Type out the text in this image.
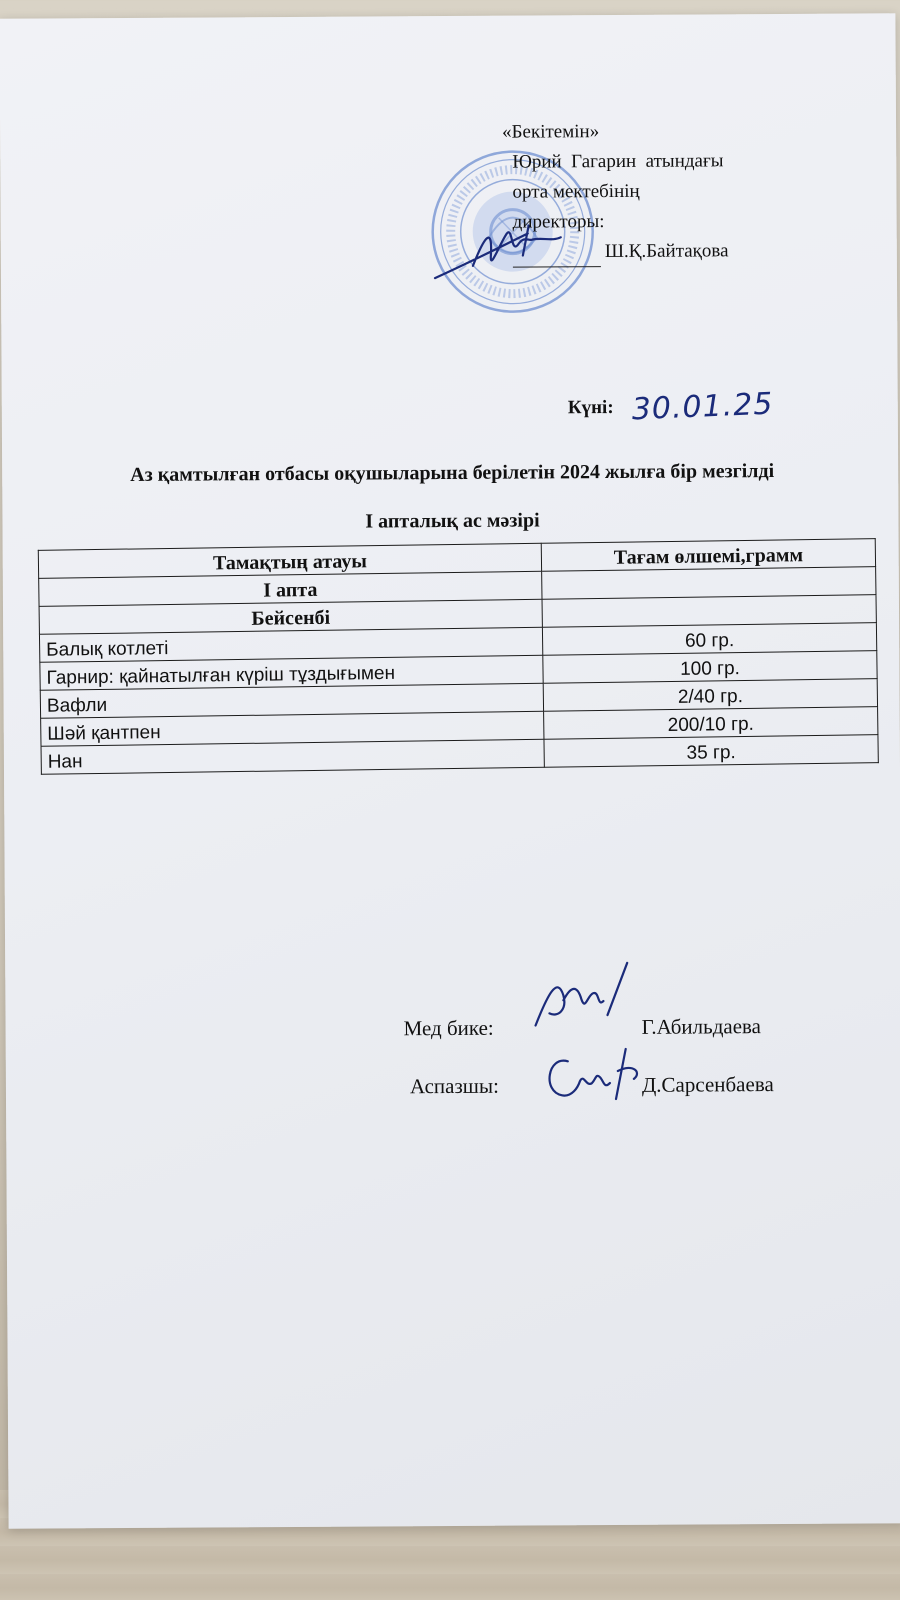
«Бекітемін»
Юрий  Гагарин  атындағы
орта мектебінің
директоры:
Ш.Қ.Байтақова
Күні: 30.01.25
Аз қамтылған отбасы оқушыларына берілетін 2024 жылға бір мезгілді
I апталық ас мәзірі
Тамақтың атауы	Тағам өлшемі,грамм
I апта	
Бейсенбі	
Балық котлеті	60 гр.
Гарнир: қайнатылған күріш тұздығымен	100 гр.
Вафли	2/40 гр.
Шәй қантпен	200/10 гр.
Нан	35 гр.
Мед бике:	Г.Абильдаева
Аспазшы:	Д.Сарсенбаева
